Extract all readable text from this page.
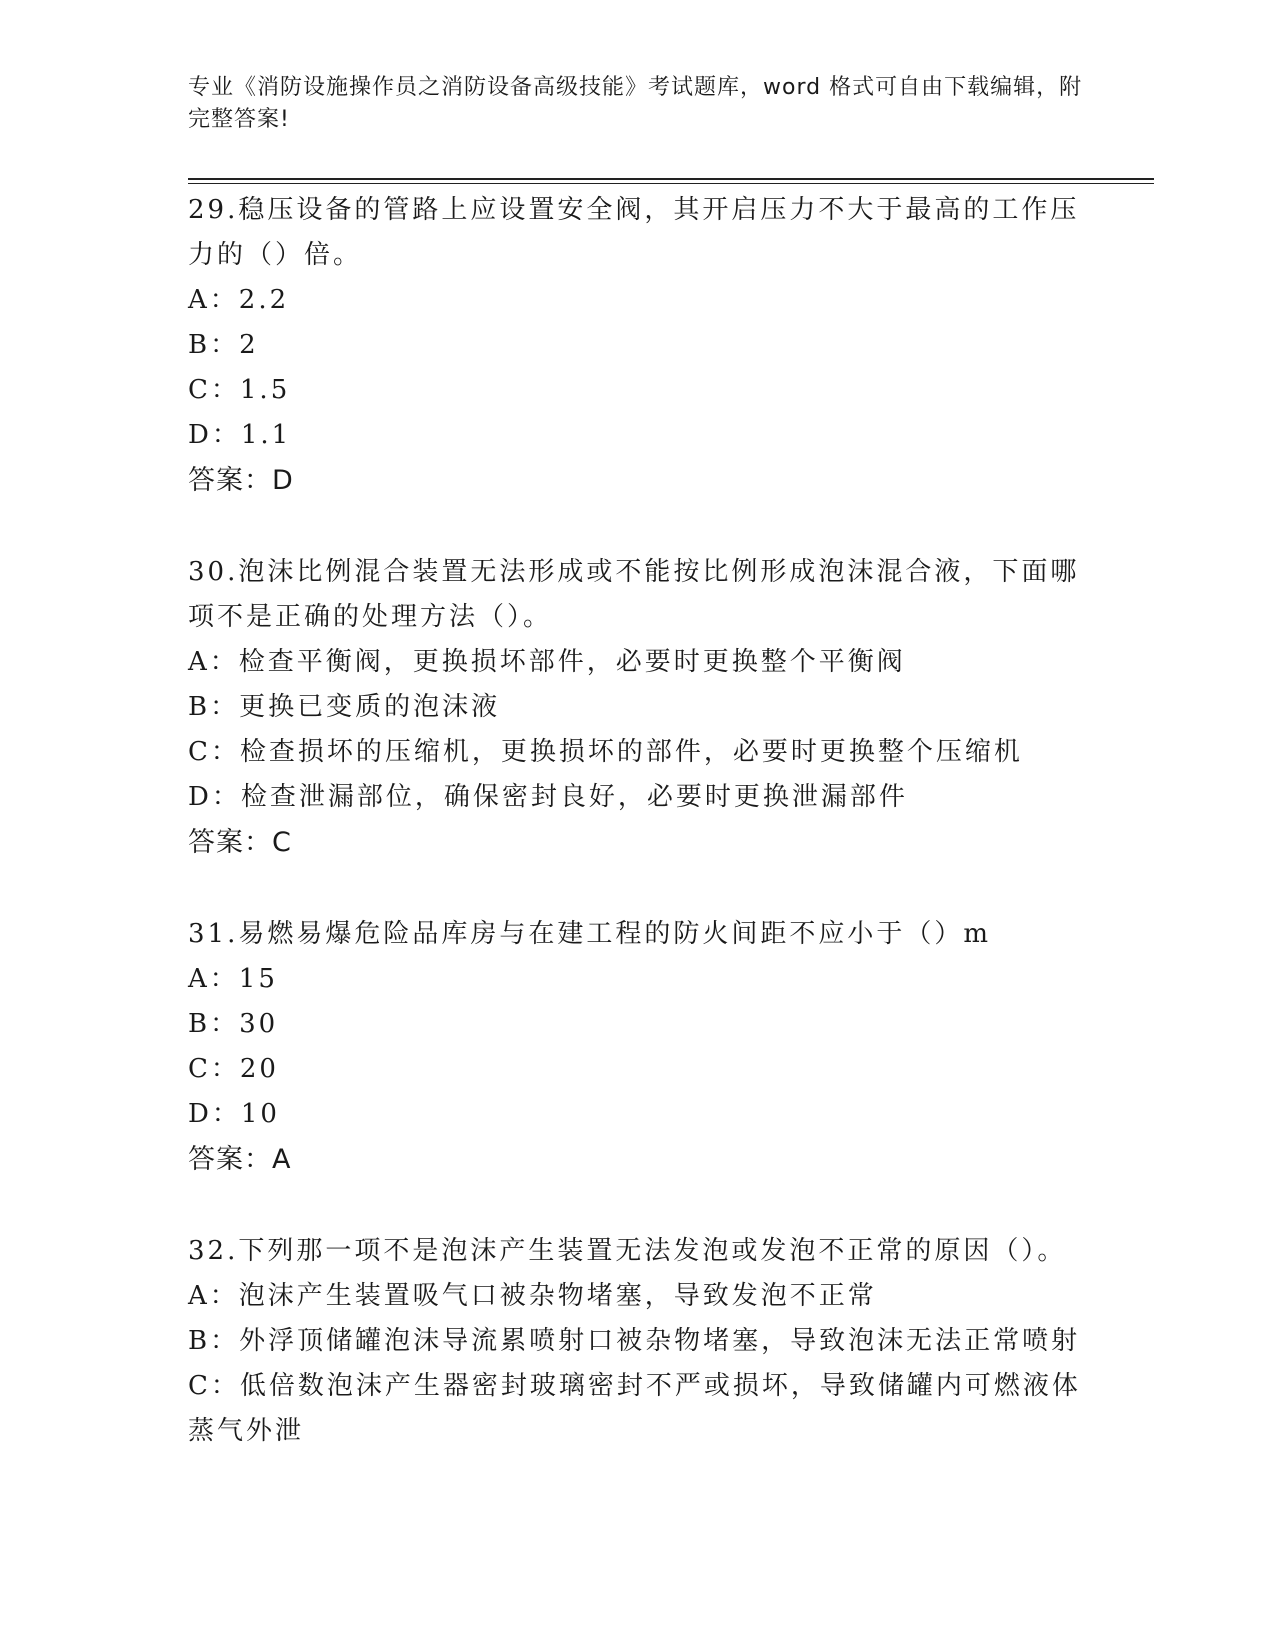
专业《消防设施操作员之消防设备高级技能》考试题库，word 格式可自由下载编辑，附完整答案!
29.稳压设备的管路上应设置安全阀，其开启压力不大于最高的工作压力的（）倍。
A：2.2
B：2
C：1.5
D：1.1
答案：D
30.泡沫比例混合装置无法形成或不能按比例形成泡沫混合液，下面哪项不是正确的处理方法（）。
A：检查平衡阀，更换损坏部件，必要时更换整个平衡阀
B：更换已变质的泡沫液
C：检查损坏的压缩机，更换损坏的部件，必要时更换整个压缩机
D：检查泄漏部位，确保密封良好，必要时更换泄漏部件
答案：C
31.易燃易爆危险品库房与在建工程的防火间距不应小于（）m
A：15
B：30
C：20
D：10
答案：A
32.下列那一项不是泡沫产生装置无法发泡或发泡不正常的原因（）。
A：泡沫产生装置吸气口被杂物堵塞，导致发泡不正常
B：外浮顶储罐泡沫导流累喷射口被杂物堵塞，导致泡沫无法正常喷射
C：低倍数泡沫产生器密封玻璃密封不严或损坏，导致储罐内可燃液体蒸气外泄
